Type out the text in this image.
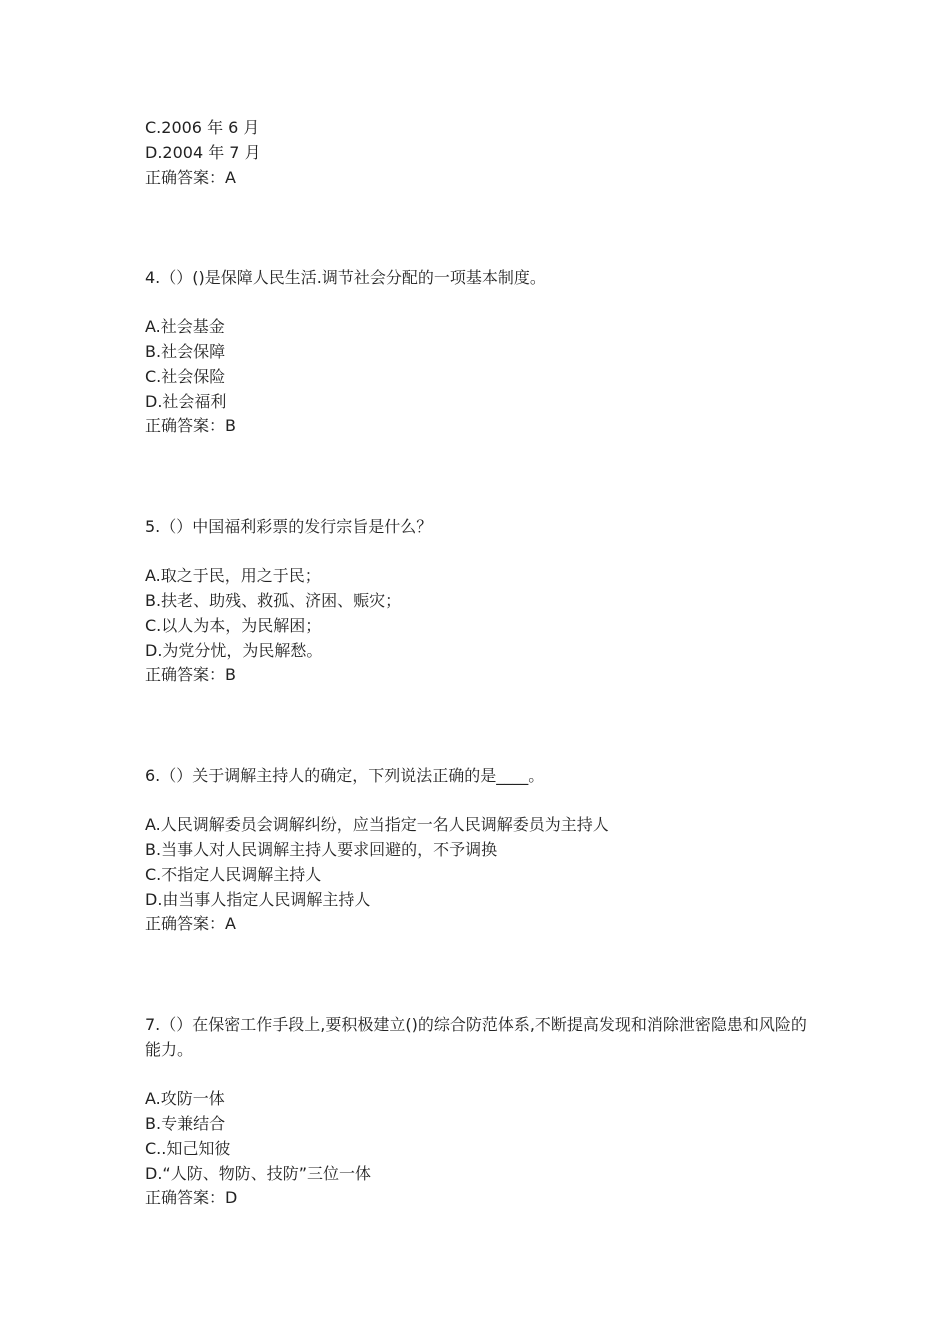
C.2006 年 6 月
D.2004 年 7 月
正确答案：A
4.（）()是保障人民生活.调节社会分配的一项基本制度。
A.社会基金
B.社会保障
C.社会保险
D.社会福利
正确答案：B
5.（）中国福利彩票的发行宗旨是什么？
A.取之于民，用之于民；
B.扶老、助残、救孤、济困、赈灾；
C.以人为本，为民解困；
D.为党分忧，为民解愁。
正确答案：B
6.（）关于调解主持人的确定，下列说法正确的是____。
A.人民调解委员会调解纠纷，应当指定一名人民调解委员为主持人
B.当事人对人民调解主持人要求回避的，不予调换
C.不指定人民调解主持人
D.由当事人指定人民调解主持人
正确答案：A
7.（）在保密工作手段上,要积极建立()的综合防范体系,不断提高发现和消除泄密隐患和风险的能力。
A.攻防一体
B.专兼结合
C..知己知彼
D.“人防、物防、技防”三位一体
正确答案：D
